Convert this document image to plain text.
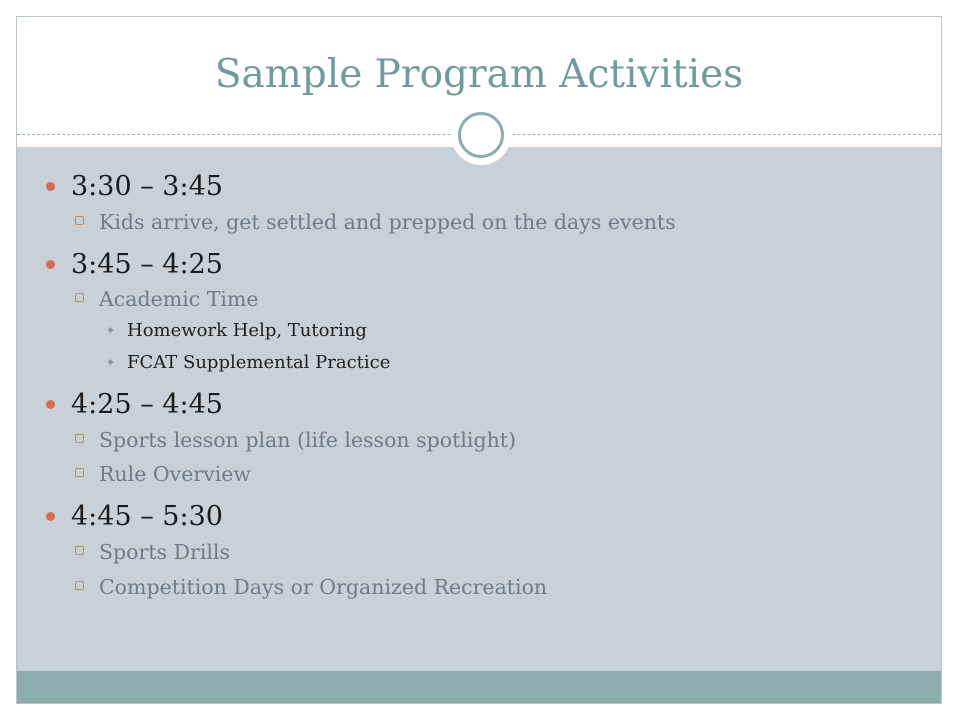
Sample Program Activities
3:30 – 3:45
Kids arrive, get settled and prepped on the days events
3:45 – 4:25
Academic Time
✦ Homework Help, Tutoring
✦ FCAT Supplemental Practice
4:25 – 4:45
Sports lesson plan (life lesson spotlight)
Rule Overview
4:45 – 5:30
Sports Drills
Competition Days or Organized Recreation
